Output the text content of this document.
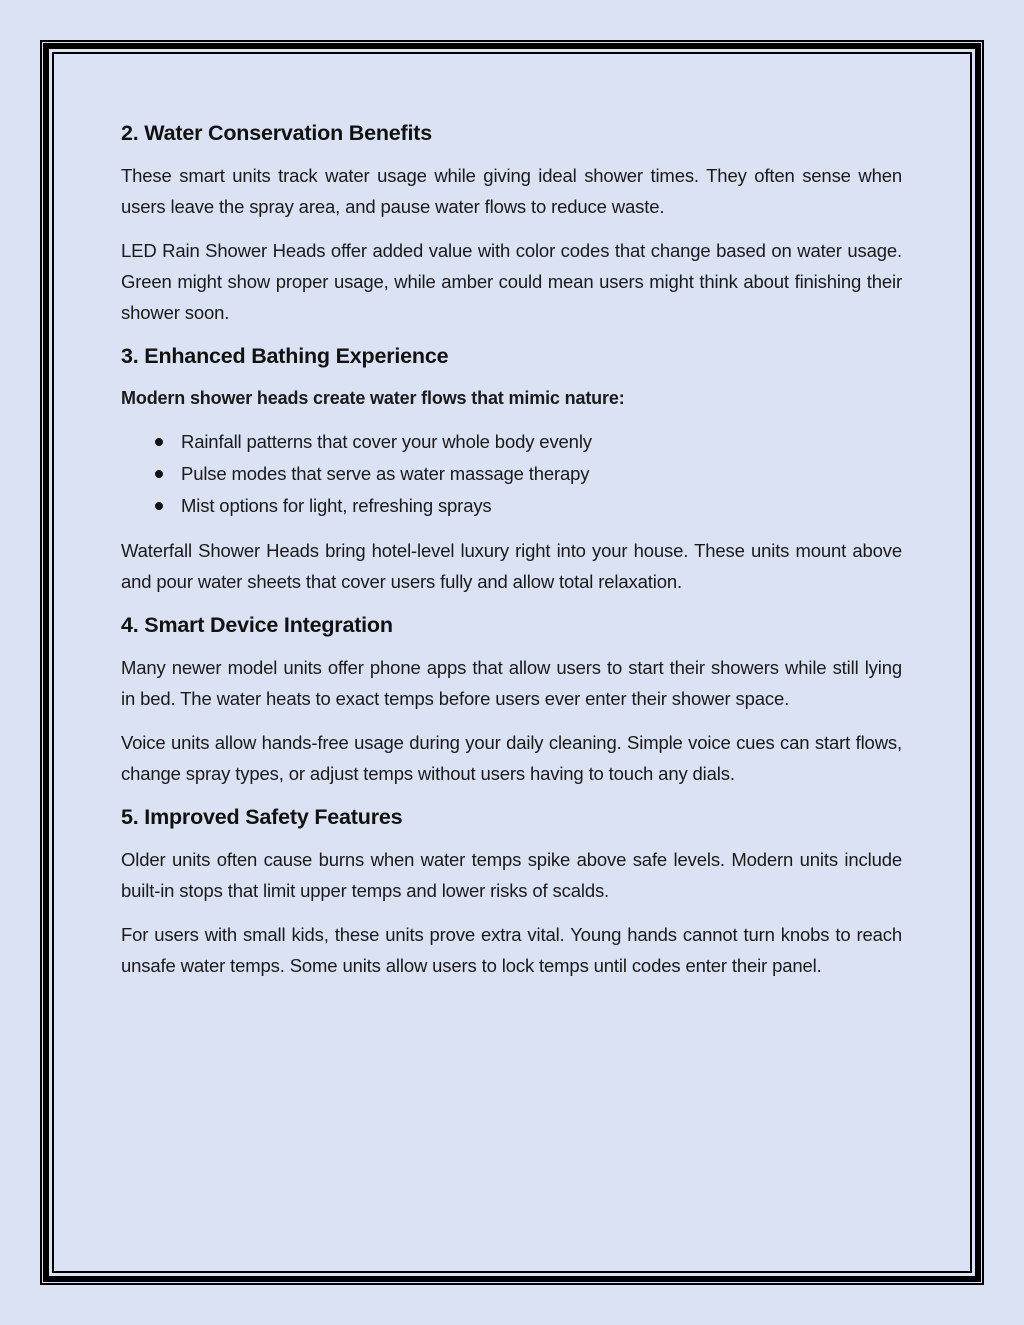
2. Water Conservation Benefits

These smart units track water usage while giving ideal shower times. They often sense when users leave the spray area, and pause water flows to reduce waste.

LED Rain Shower Heads offer added value with color codes that change based on water usage. Green might show proper usage, while amber could mean users might think about finishing their shower soon.

3. Enhanced Bathing Experience

Modern shower heads create water flows that mimic nature:

Rainfall patterns that cover your whole body evenly
Pulse modes that serve as water massage therapy
Mist options for light, refreshing sprays

Waterfall Shower Heads bring hotel-level luxury right into your house. These units mount above and pour water sheets that cover users fully and allow total relaxation.

4. Smart Device Integration

Many newer model units offer phone apps that allow users to start their showers while still lying in bed. The water heats to exact temps before users ever enter their shower space.

Voice units allow hands-free usage during your daily cleaning. Simple voice cues can start flows, change spray types, or adjust temps without users having to touch any dials.

5. Improved Safety Features

Older units often cause burns when water temps spike above safe levels. Modern units include built-in stops that limit upper temps and lower risks of scalds.

For users with small kids, these units prove extra vital. Young hands cannot turn knobs to reach unsafe water temps. Some units allow users to lock temps until codes enter their panel.
